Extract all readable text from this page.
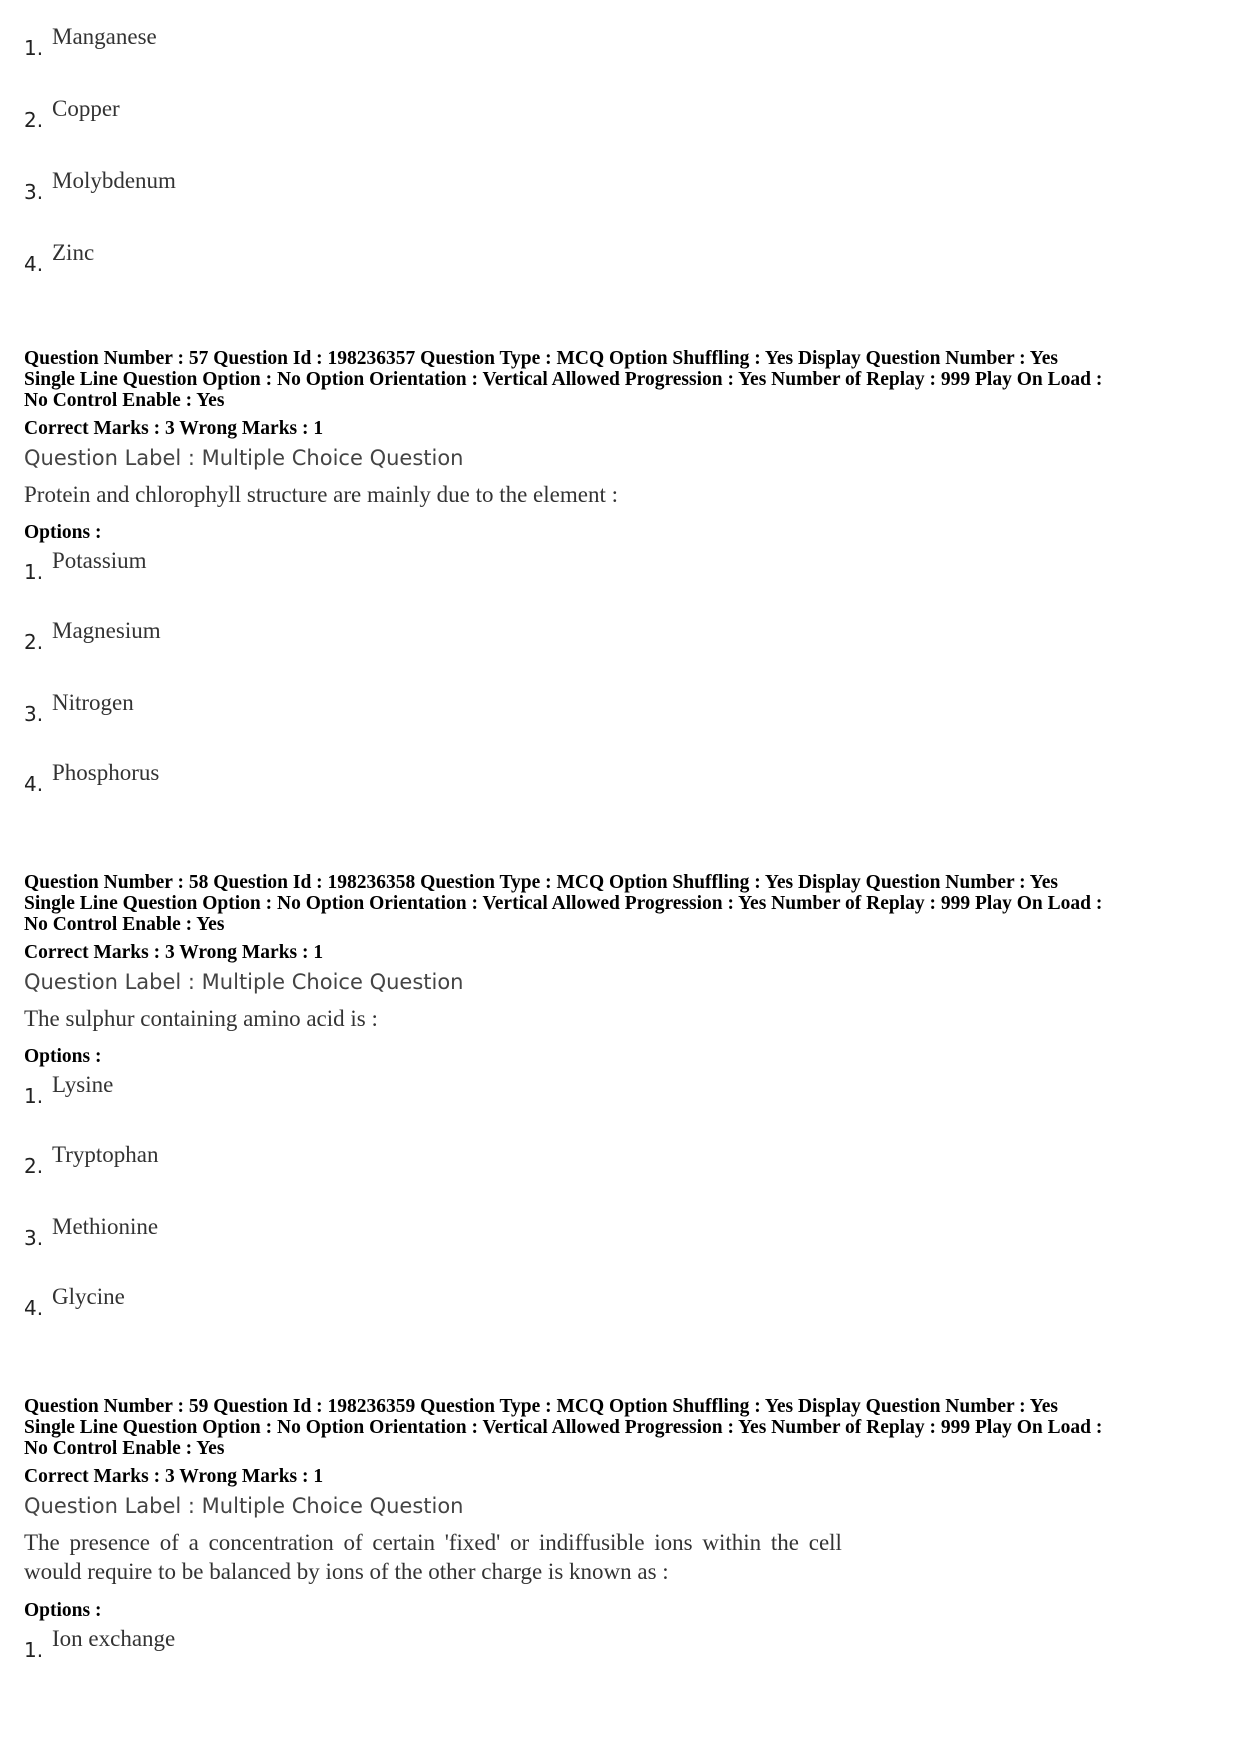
1. Manganese
2. Copper
3. Molybdenum
4. Zinc
Question Number : 57 Question Id : 198236357 Question Type : MCQ Option Shuffling : Yes Display Question Number : Yes
Single Line Question Option : No Option Orientation : Vertical Allowed Progression : Yes Number of Replay : 999 Play On Load :
No Control Enable : Yes
Correct Marks : 3 Wrong Marks : 1
Question Label : Multiple Choice Question
Protein and chlorophyll structure are mainly due to the element :
Options :
1. Potassium
2. Magnesium
3. Nitrogen
4. Phosphorus
Question Number : 58 Question Id : 198236358 Question Type : MCQ Option Shuffling : Yes Display Question Number : Yes
Single Line Question Option : No Option Orientation : Vertical Allowed Progression : Yes Number of Replay : 999 Play On Load :
No Control Enable : Yes
Correct Marks : 3 Wrong Marks : 1
Question Label : Multiple Choice Question
The sulphur containing amino acid is :
Options :
1. Lysine
2. Tryptophan
3. Methionine
4. Glycine
Question Number : 59 Question Id : 198236359 Question Type : MCQ Option Shuffling : Yes Display Question Number : Yes
Single Line Question Option : No Option Orientation : Vertical Allowed Progression : Yes Number of Replay : 999 Play On Load :
No Control Enable : Yes
Correct Marks : 3 Wrong Marks : 1
Question Label : Multiple Choice Question
The presence of a concentration of certain 'fixed' or indiffusible ions within the cell
would require to be balanced by ions of the other charge is known as :
Options :
1. Ion exchange
